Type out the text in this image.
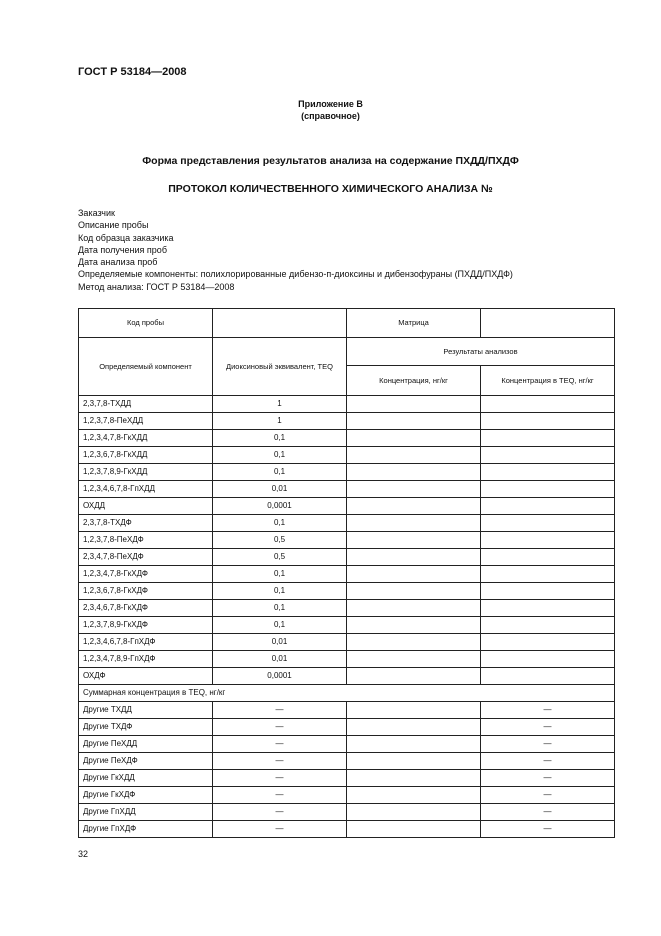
ГОСТ Р 53184—2008
Приложение В
(справочное)
Форма представления результатов анализа на содержание ПХДД/ПХДФ
ПРОТОКОЛ КОЛИЧЕСТВЕННОГО ХИМИЧЕСКОГО АНАЛИЗА №
Заказчик
Описание пробы
Код образца заказчика
Дата получения проб
Дата анализа проб
Определяемые компоненты: полихлорированные дибензо-п-диоксины и дибензофураны (ПХДД/ПХДФ)
Метод анализа: ГОСТ Р 53184—2008
Код пробы		Матрица	
Определяемый компонент	Диоксиновый эквивалент, TEQ	Результаты анализов	
		Концентрация, нг/кг	Концентрация в TEQ, нг/кг
2,3,7,8-ТХДД	1		
1,2,3,7,8-ПеХДД	1		
1,2,3,4,7,8-ГкХДД	0,1		
1,2,3,6,7,8-ГкХДД	0,1		
1,2,3,7,8,9-ГкХДД	0,1		
1,2,3,4,6,7,8-ГпХДД	0,01		
ОХДД	0,0001		
2,3,7,8-ТХДФ	0,1		
1,2,3,7,8-ПеХДФ	0,5		
2,3,4,7,8-ПеХДФ	0,5		
1,2,3,4,7,8-ГкХДФ	0,1		
1,2,3,6,7,8-ГкХДФ	0,1		
2,3,4,6,7,8-ГкХДФ	0,1		
1,2,3,7,8,9-ГкХДФ	0,1		
1,2,3,4,6,7,8-ГпХДФ	0,01		
1,2,3,4,7,8,9-ГпХДФ	0,01		
ОХДФ	0,0001		
Суммарная концентрация в TEQ, нг/кг			
Другие ТХДД	—		—
Другие ТХДФ	—		—
Другие ПеХДД	—		—
Другие ПеХДФ	—		—
Другие ГкХДД	—		—
Другие ГкХДФ	—		—
Другие ГпХДД	—		—
Другие ГпХДФ	—		—
32
